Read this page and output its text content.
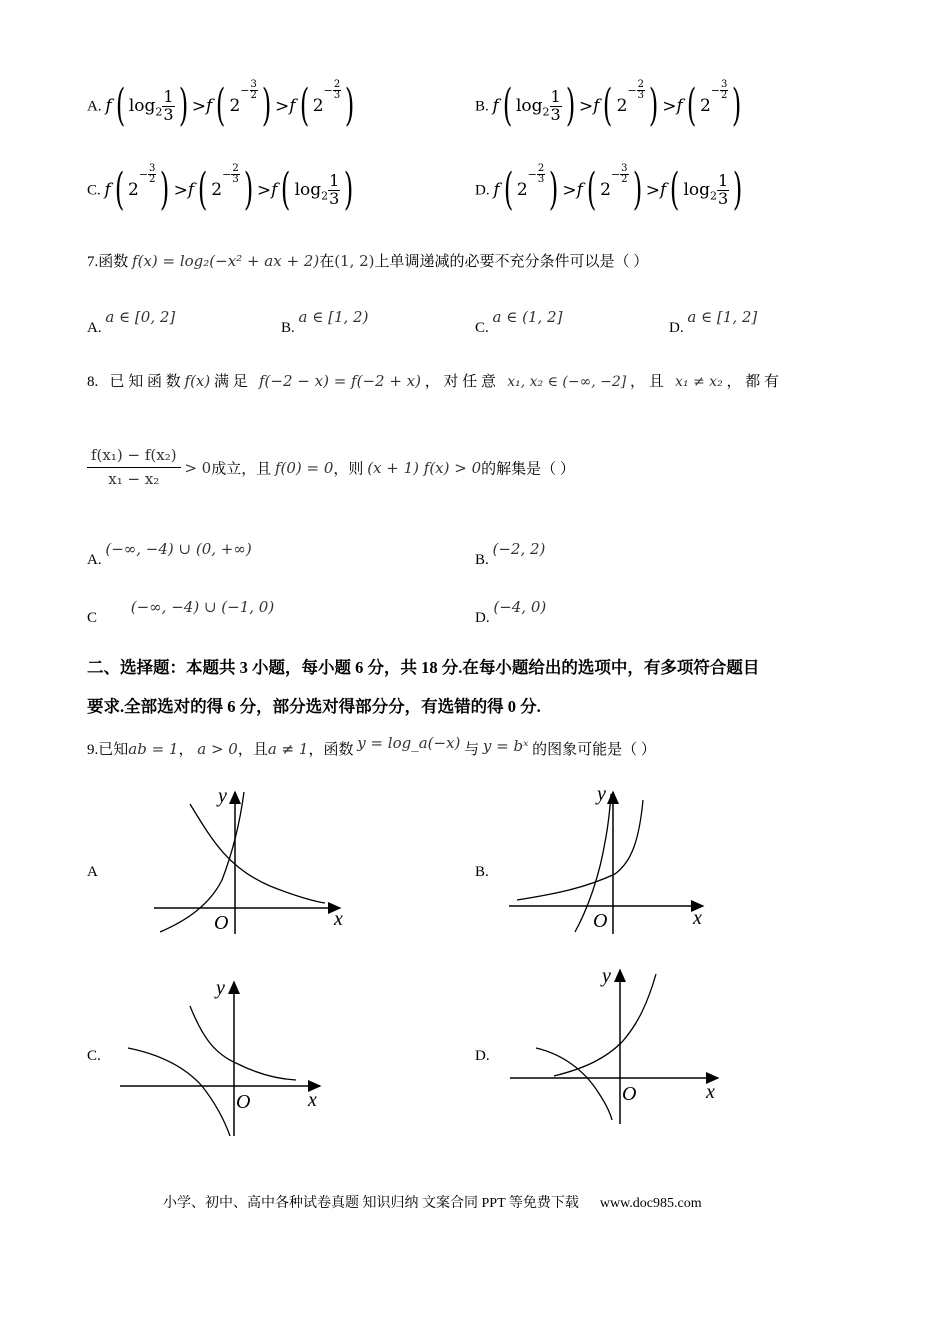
A. f( $\log_2 \frac{1}{3}$ ) >f( $2^{- \frac{3}{2}}$ ) >f( $2^{- \frac{2}{3}}$ )	B. f( $\log_2 \frac{1}{3}$ ) >f( $2^{- \frac{2}{3}}$ ) >f( $2^{- \frac{3}{2}}$ )
C. f( $2^{- \frac{3}{2}}$ ) >f( $2^{- \frac{2}{3}}$ ) >f( $\log_2 \frac{1}{3}$ )	D. f( $2^{- \frac{2}{3}}$ ) >f( $2^{- \frac{3}{2}}$ ) >f( $\log_2 \frac{1}{3}$ )
7.函数 f(x) = log₂(−x² + ax + 2)在(1, 2)上单调递减的必要不充分条件可以是（ ）
A. a ∈ [0, 2]
B. a ∈ [1, 2)
C. a ∈ (1, 2]
D. a ∈ [1, 2]
8. 已 知 函 数 f(x) 满 足 f(−2 − x) = f(−2 + x) ， 对 任 意 x₁, x₂ ∈ (−∞, −2] ， 且 x₁ ≠ x₂ ， 都 有
$\frac{\text{f(x₁) − f(x₂)}}{\text{x₁ − x₂}} > 0$成立，且 f(0) = 0，则 (x + 1) f(x) > 0的解集是（ ）
A. (−∞, −4) ∪ (0, +∞)
B. (−2, 2)
C         (−∞, −4) ∪ (−1, 0)
D. (−4, 0)
二、选择题：本题共 3 小题，每小题 6 分，共 18 分.在每小题给出的选项中，有多项符合题目
要求.全部选对的得 6 分，部分选对得部分分，有选错的得 0 分.
9.已知ab = 1， a > 0，且a ≠ 1，函数 y = log_a(−x) 与 y = bˣ 的图象可能是（ ）
A	B.
C.	D.
y
x
O
y
x
O
y
x
O
y
x
O
小学、初中、高中各种试卷真题 知识归纳 文案合同 PPT 等免费下载 www.doc985.com
